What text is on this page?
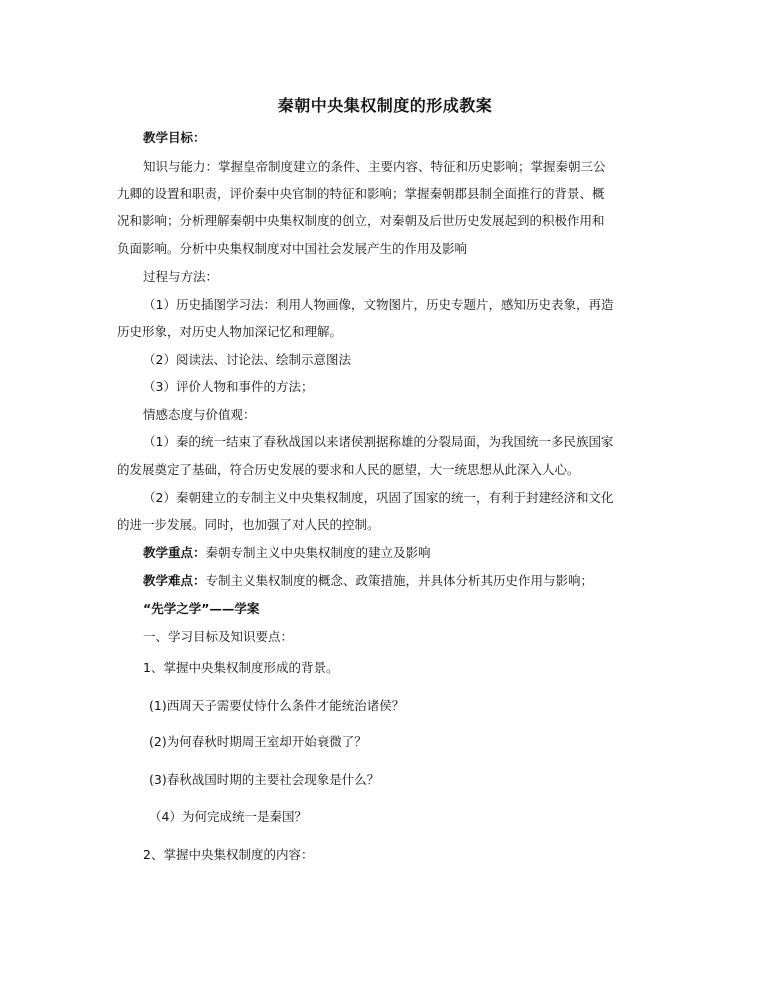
秦朝中央集权制度的形成教案
教学目标：
知识与能力：掌握皇帝制度建立的条件、主要内容、特征和历史影响；掌握秦朝三公
九卿的设置和职责，评价秦中央官制的特征和影响；掌握秦朝郡县制全面推行的背景、概
况和影响；分析理解秦朝中央集权制度的创立，对秦朝及后世历史发展起到的积极作用和
负面影响。分析中央集权制度对中国社会发展产生的作用及影响
过程与方法：
（1）历史插图学习法：利用人物画像，文物图片，历史专题片，感知历史表象，再造
历史形象，对历史人物加深记忆和理解。
（2）阅读法、讨论法、绘制示意图法
（3）评价人物和事件的方法；
情感态度与价值观：
（1）秦的统一结束了春秋战国以来诸侯割据称雄的分裂局面，为我国统一多民族国家
的发展奠定了基础，符合历史发展的要求和人民的愿望，大一统思想从此深入人心。
（2）秦朝建立的专制主义中央集权制度，巩固了国家的统一，有利于封建经济和文化
的进一步发展。同时，也加强了对人民的控制。
教学重点：秦朝专制主义中央集权制度的建立及影响
教学难点：专制主义集权制度的概念、政策措施，并具体分析其历史作用与影响；
“先学之学”——学案
一、学习目标及知识要点：
1、掌握中央集权制度形成的背景。
(1)西周天子需要仗恃什么条件才能统治诸侯？
(2)为何春秋时期周王室却开始衰微了？
(3)春秋战国时期的主要社会现象是什么？
（4）为何完成统一是秦国？
2、掌握中央集权制度的内容：
